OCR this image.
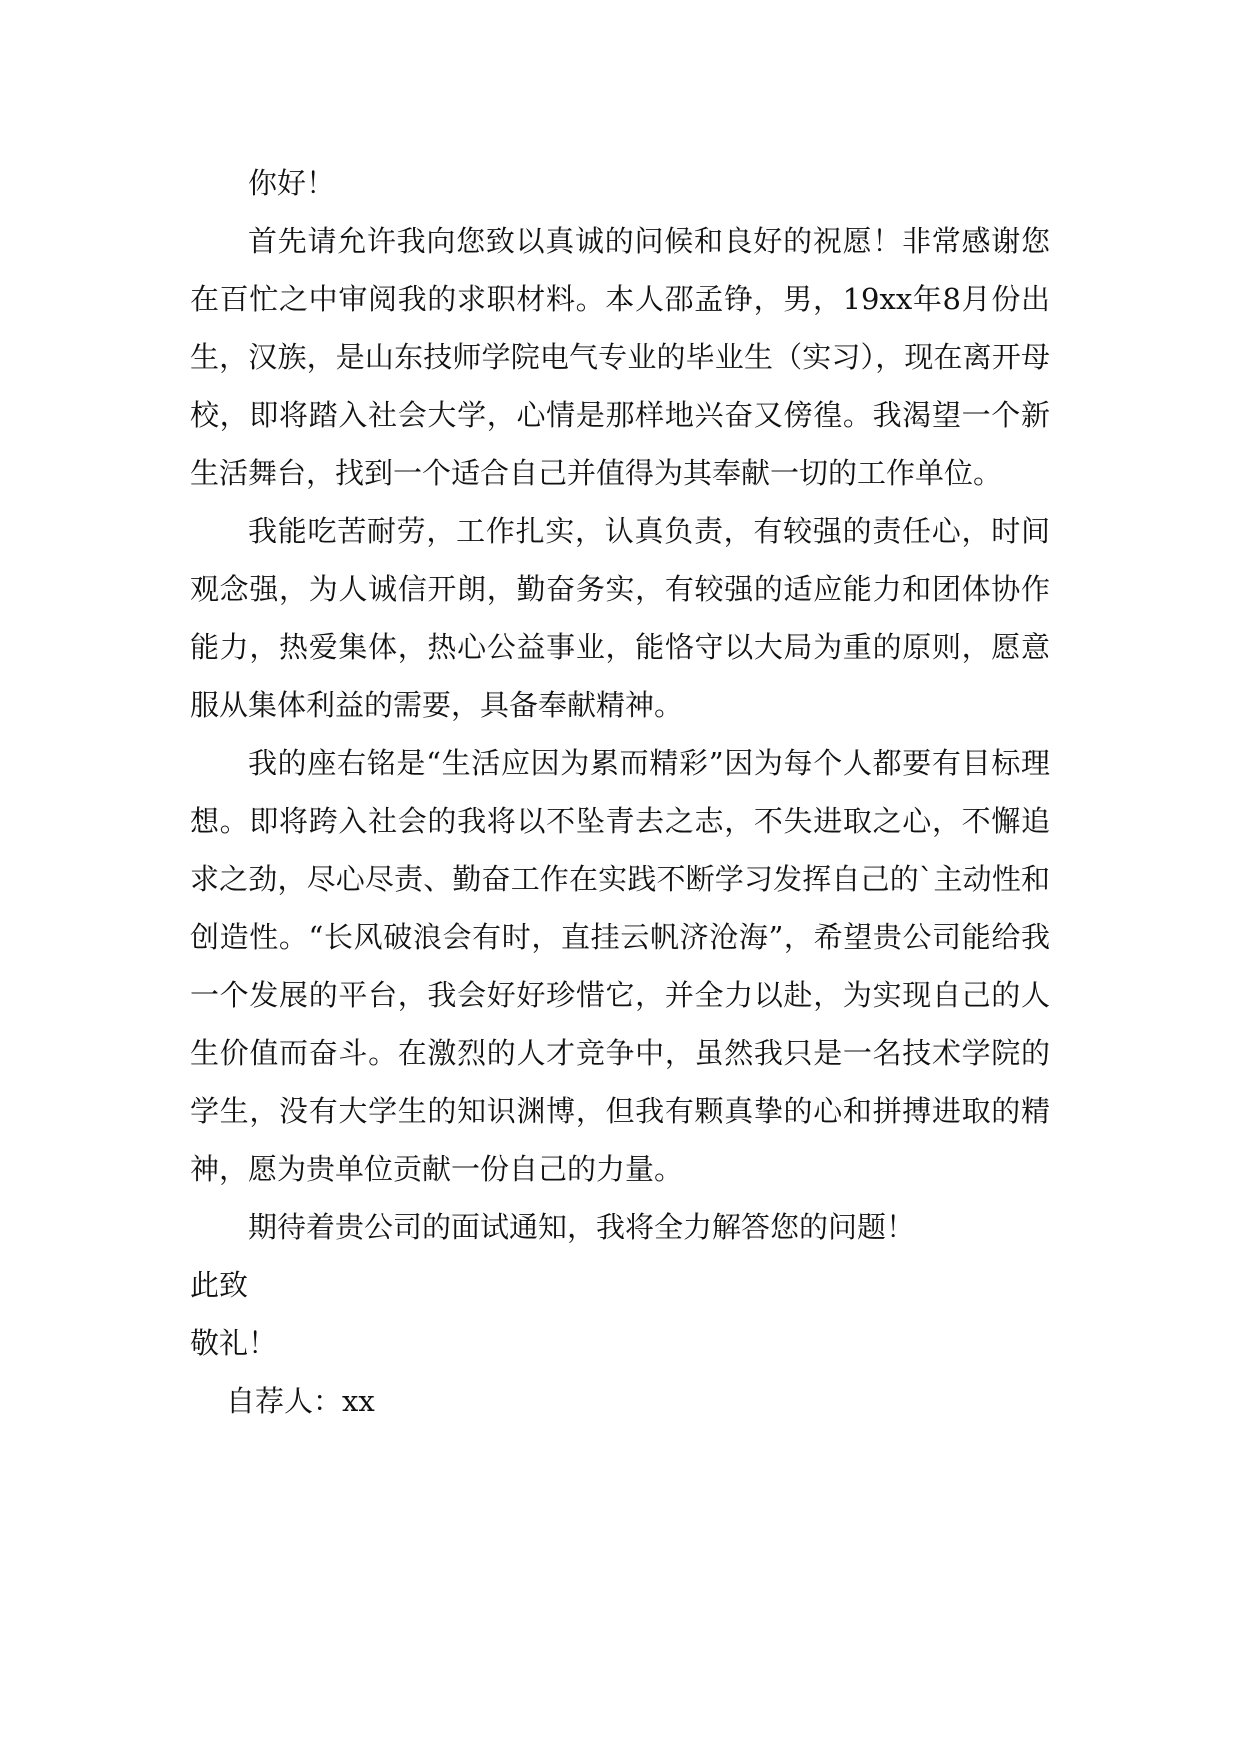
你好！

首先请允许我向您致以真诚的问候和良好的祝愿！非常感谢您在百忙之中审阅我的求职材料。本人邵孟铮，男，19xx年8月份出生，汉族，是山东技师学院电气专业的毕业生（实习），现在离开母校，即将踏入社会大学，心情是那样地兴奋又傍徨。我渴望一个新生活舞台，找到一个适合自己并值得为其奉献一切的工作单位。

我能吃苦耐劳，工作扎实，认真负责，有较强的责任心，时间观念强，为人诚信开朗，勤奋务实，有较强的适应能力和团体协作能力，热爱集体，热心公益事业，能恪守以大局为重的原则，愿意服从集体利益的需要，具备奉献精神。

我的座右铭是“生活应因为累而精彩”因为每个人都要有目标理想。即将跨入社会的我将以不坠青去之志，不失进取之心，不懈追求之劲，尽心尽责、勤奋工作在实践不断学习发挥自己的`主动性和创造性。“长风破浪会有时，直挂云帆济沧海”，希望贵公司能给我一个发展的平台，我会好好珍惜它，并全力以赴，为实现自己的人生价值而奋斗。在激烈的人才竞争中，虽然我只是一名技术学院的学生，没有大学生的知识渊博，但我有颗真挚的心和拼搏进取的精神，愿为贵单位贡献一份自己的力量。

期待着贵公司的面试通知，我将全力解答您的问题！

此致

敬礼！

自荐人：xx
